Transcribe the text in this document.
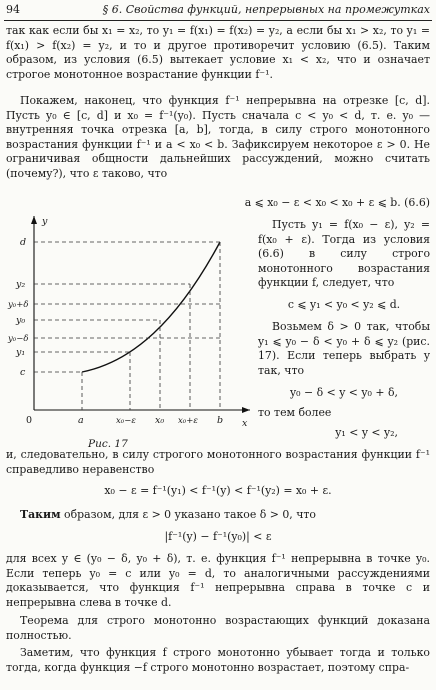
94	§ 6. Свойства функций, непрерывных на промежутках

так как если бы x₁ = x₂, то y₁ = f(x₁) = f(x₂) = y₂, а если бы x₁ > x₂, то y₁ = f(x₁) > f(x₂) = y₂, и то и другое противоречит условию (6.5). Таким образом, из условия (6.5) вытекает условие x₁ < x₂, что и означает строгое монотонное возрастание функции f⁻¹.

Покажем, наконец, что функция f⁻¹ непрерывна на отрезке [c, d]. Пусть y₀ ∈ [c, d] и x₀ = f⁻¹(y₀). Пусть сначала c < y₀ < d, т. е. y₀ — внутренняя точка отрезка [a, b], тогда, в силу строго монотонного возрастания функции f⁻¹ и a < x₀ < b. Зафиксируем некоторое ε > 0. Не ограничивая общности дальнейших рассуждений, можно считать (почему?), что ε таково, что

a ⩽ x₀ − ε < x₀ < x₀ + ε ⩽ b. (6.6)

y
x
0	a	x₀−ε x₀ x₀+ε b
d
y₂
y₀+δ
y₀
y₀−δ
y₁
c
Рис. 17

Пусть y₁ = f(x₀ − ε), y₂ = f(x₀ + ε). Тогда из условия (6.6) в силу строго монотонного возрастания функции f, следует, что

c ⩽ y₁ < y₀ < y₂ ⩽ d.

Возьмем δ > 0 так, чтобы y₁ ⩽ y₀ − δ < y₀ + δ ⩽ y₂ (рис. 17). Если теперь выбрать y так, что

y₀ − δ < y < y₀ + δ,

то тем более

y₁ < y < y₂,

и, следовательно, в силу строгого монотонного возрастания функции f⁻¹ справедливо неравенство

x₀ − ε = f⁻¹(y₁) < f⁻¹(y) < f⁻¹(y₂) = x₀ + ε.

Таким образом, для ε > 0 указано такое δ > 0, что

|f⁻¹(y) − f⁻¹(y₀)| < ε

для всех y ∈ (y₀ − δ, y₀ + δ), т. е. функция f⁻¹ непрерывна в точке y₀. Если теперь y₀ = c или y₀ = d, то аналогичными рассуждениями доказывается, что функция f⁻¹ непрерывна справа в точке c и непрерывна слева в точке d.

Теорема для строго монотонно возрастающих функций доказана полностью.

Заметим, что функция f строго монотонно убывает тогда и только тогда, когда функция −f строго монотонно возрастает, поэтому спра-
